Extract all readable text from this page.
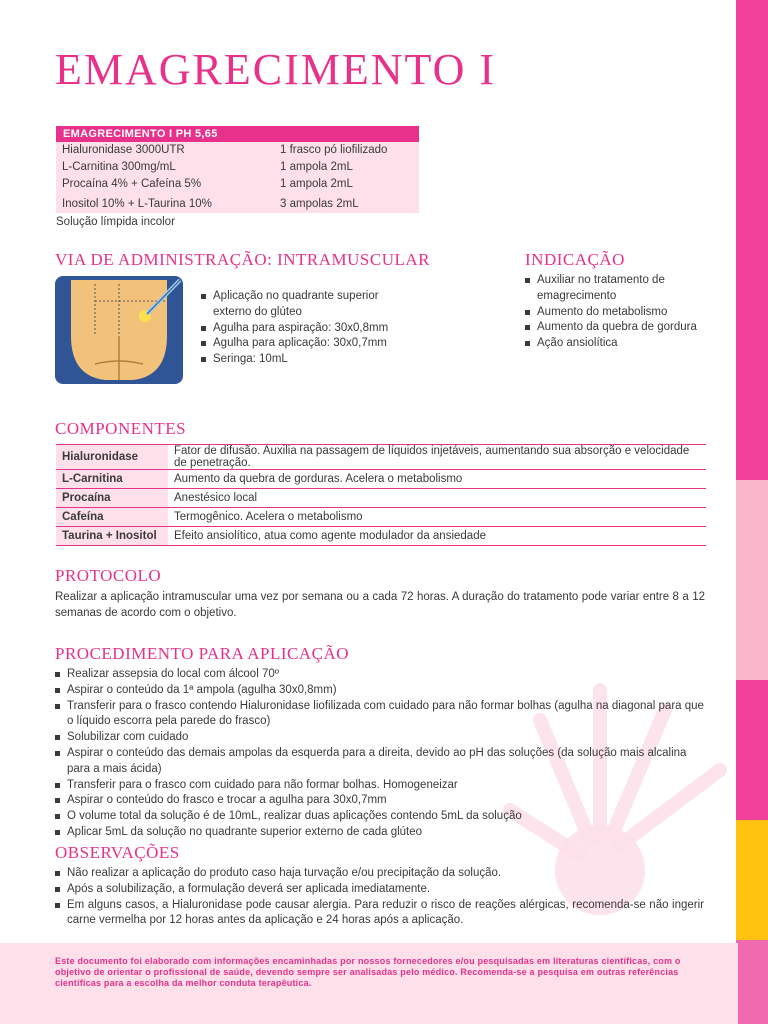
EMAGRECIMENTO I
EMAGRECIMENTO I PH 5,65
Hialuronidase 3000UTR	1 frasco pó liofilizado
L-Carnitina 300mg/mL	1 ampola 2mL
Procaína 4% + Cafeína 5%	1 ampola 2mL
Inositol 10% + L-Taurina 10%	3 ampolas 2mL
Solução límpida incolor
VIA DE ADMINISTRAÇÃO: INTRAMUSCULAR
Aplicação no quadrante superior externo do glúteo
Agulha para aspiração: 30x0,8mm
Agulha para aplicação: 30x0,7mm
Seringa: 10mL
INDICAÇÃO
Auxiliar no tratamento de emagrecimento
Aumento do metabolismo
Aumento da quebra de gordura
Ação ansiolítica
COMPONENTES
Hialuronidase	Fator de difusão. Auxilia na passagem de líquidos injetáveis, aumentando sua absorção e velocidade de penetração.
L-Carnitina	Aumento da quebra de gorduras. Acelera o metabolismo
Procaína	Anestésico local
Cafeína	Termogênico. Acelera o metabolismo
Taurina + Inositol	Efeito ansiolítico, atua como agente modulador da ansiedade
PROTOCOLO

Realizar a aplicação intramuscular uma vez por semana ou a cada 72 horas. A duração do tratamento pode variar entre 8 a 12 semanas de acordo com o objetivo.

PROCEDIMENTO PARA APLICAÇÃO
Realizar assepsia do local com álcool 70º
Aspirar o conteúdo da 1ª ampola (agulha 30x0,8mm)
Transferir para o frasco contendo Hialuronidase liofilizada com cuidado para não formar bolhas (agulha na diagonal para que o líquido escorra pela parede do frasco)
Solubilizar com cuidado
Aspirar o conteúdo das demais ampolas da esquerda para a direita, devido ao pH das soluções (da solução mais alcalina para a mais ácida)
Transferir para o frasco com cuidado para não formar bolhas. Homogeneizar
Aspirar o conteúdo do frasco e trocar a agulha para 30x0,7mm
O volume total da solução é de 10mL, realizar duas aplicações contendo 5mL da solução
Aplicar 5mL da solução no quadrante superior externo de cada glúteo
OBSERVAÇÕES
Não realizar a aplicação do produto caso haja turvação e/ou precipitação da solução.
Após a solubilização, a formulação deverá ser aplicada imediatamente.
Em alguns casos, a Hialuronidase pode causar alergia. Para reduzir o risco de reações alérgicas, recomenda-se não ingerir carne vermelha por 12 horas antes da aplicação e 24 horas após a aplicação.
Este documento foi elaborado com informações encaminhadas por nossos fornecedores e/ou pesquisadas em literaturas científicas, com o objetivo de orientar o profissional de saúde, devendo sempre ser analisadas pelo médico. Recomenda-se a pesquisa em outras referências científicas para a escolha da melhor conduta terapêutica.
